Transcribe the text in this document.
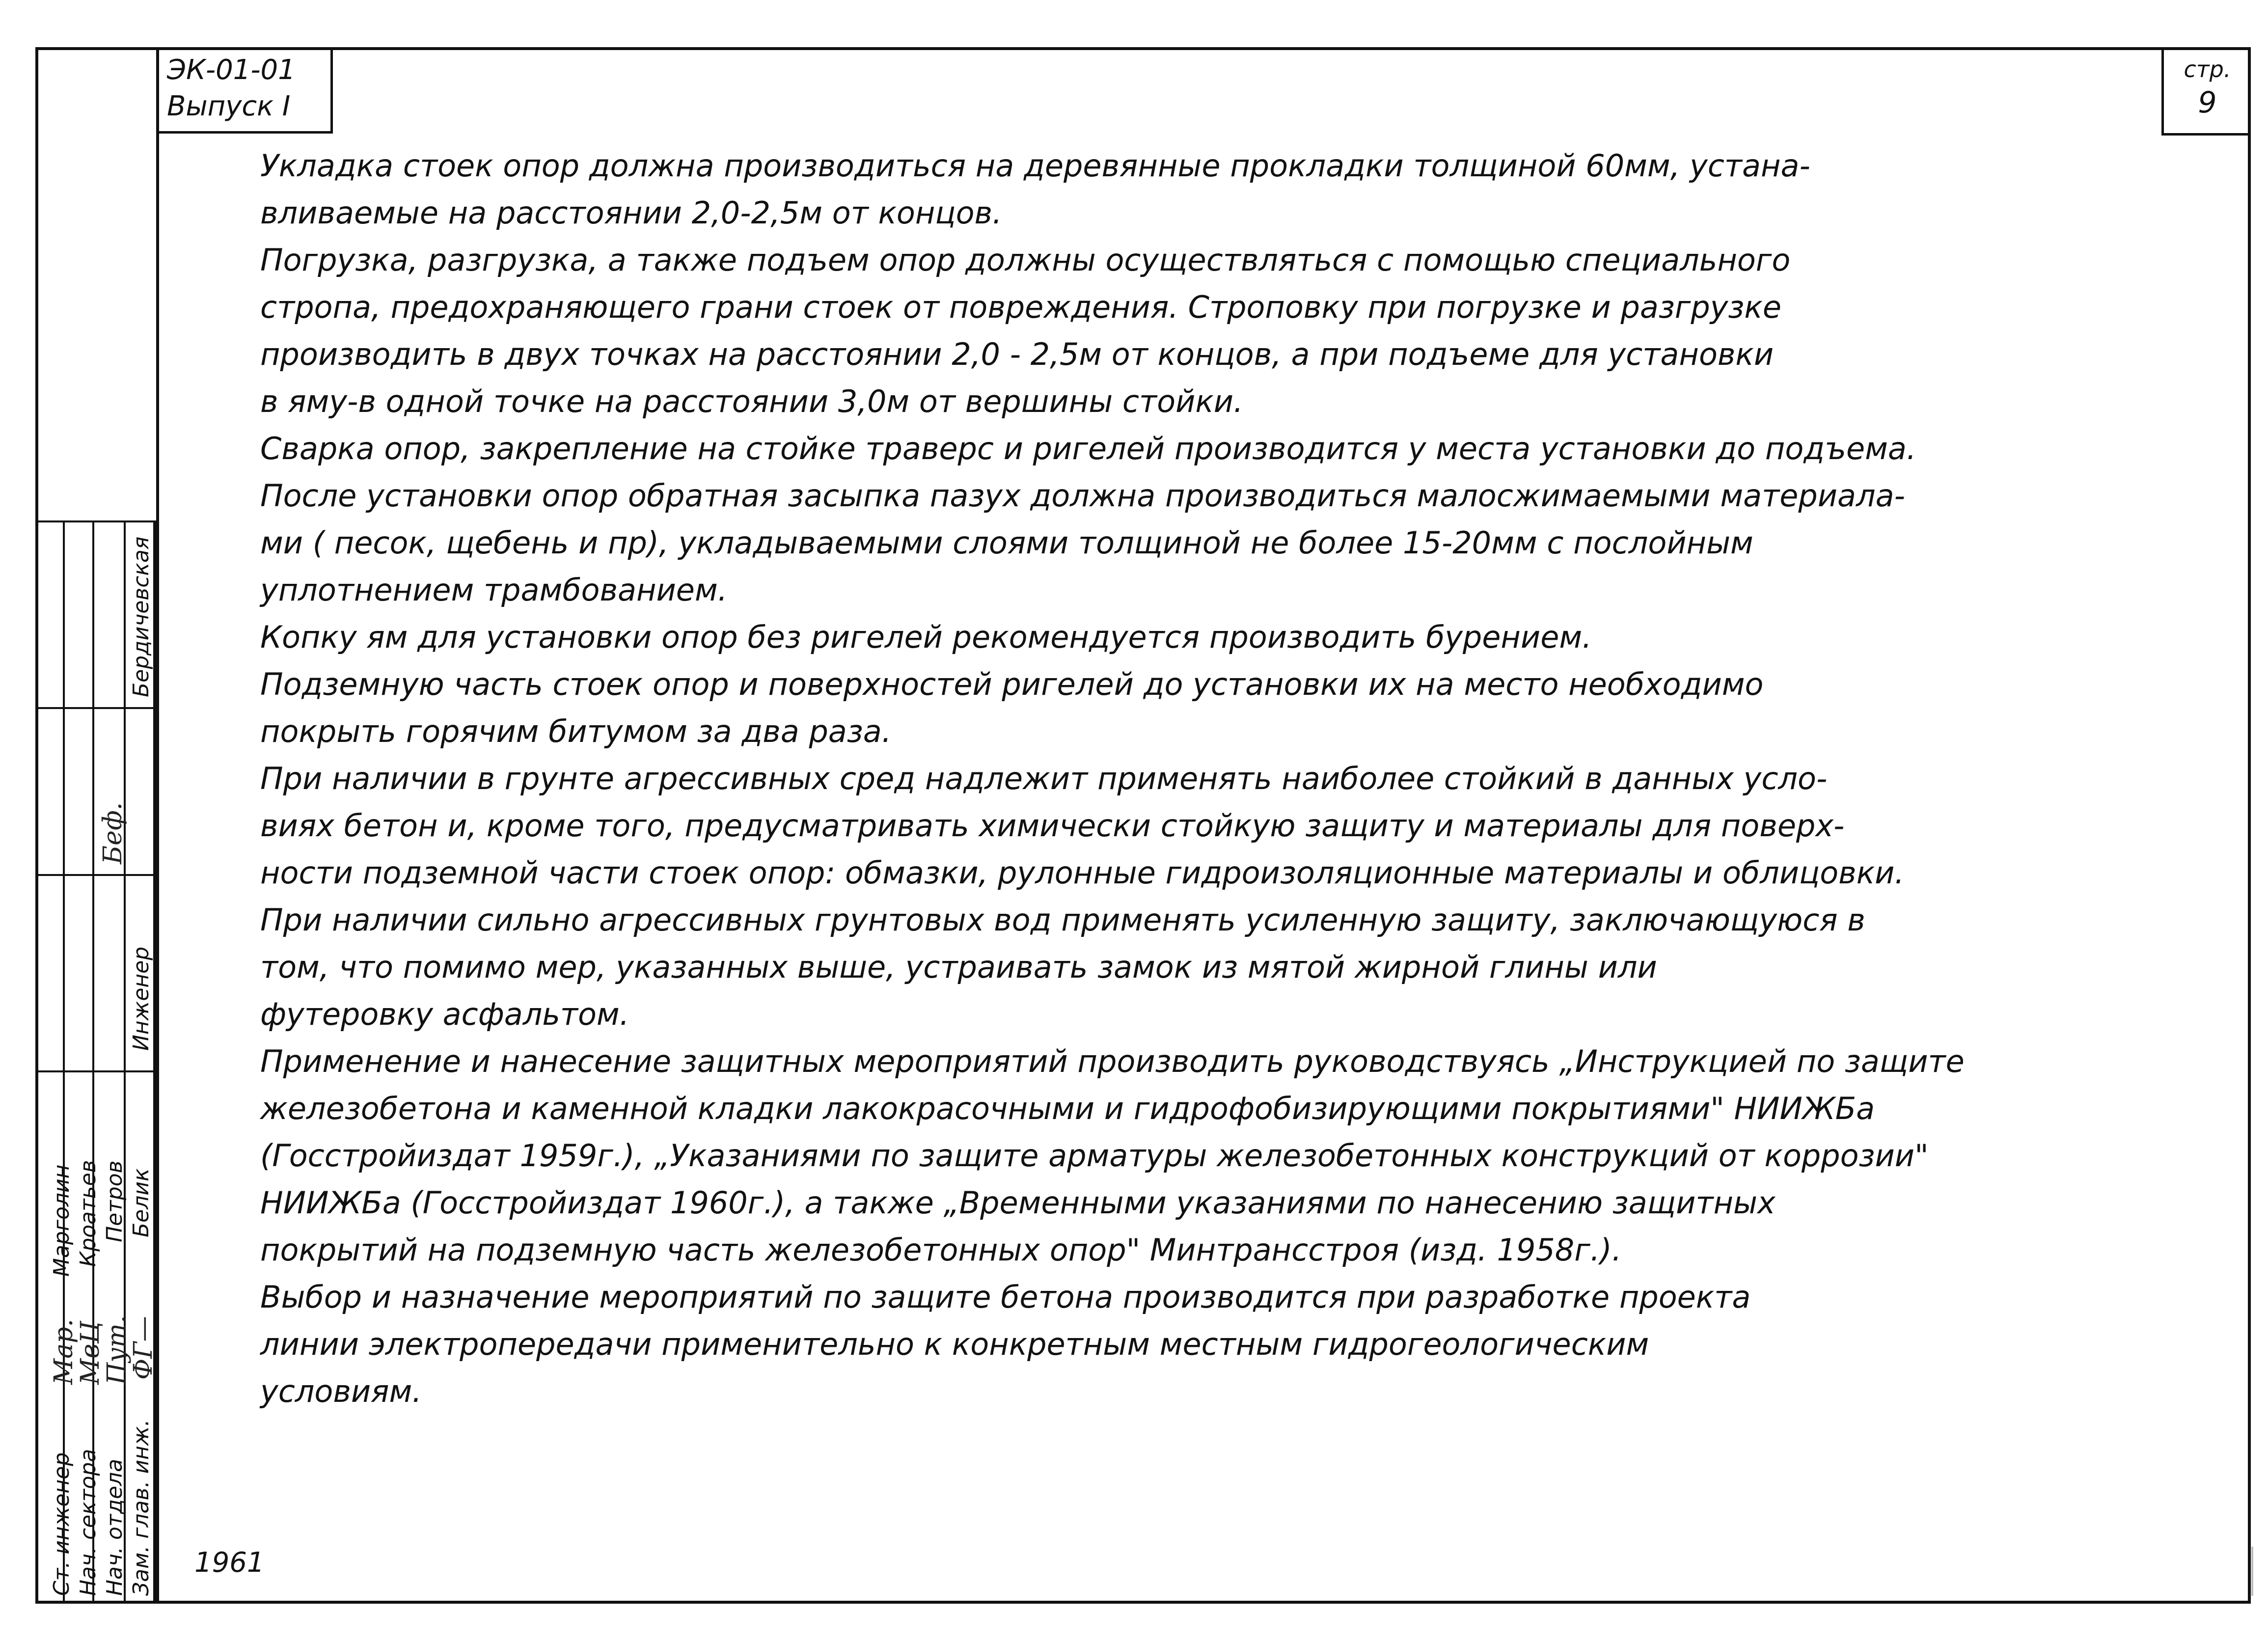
ЭК-01-01
Выпуск I
стр.
9

Укладка стоек опор должна производиться на деревянные прокладки толщиной 60мм, устана-

вливаемые на расстоянии 2,0-2,5м от концов.

Погрузка, разгрузка, а также подъем опор должны осуществляться с помощью специального

стропа, предохраняющего грани стоек от повреждения. Строповку при погрузке и разгрузке

производить в двух точках на расстоянии 2,0 - 2,5м от концов, а при подъеме для установки

в яму-в одной точке на расстоянии 3,0м от вершины стойки.

Сварка опор, закрепление на стойке траверс и ригелей производится у места установки до подъема.

После установки опор обратная засыпка пазух должна производиться малосжимаемыми материала-

ми ( песок, щебень и пр), укладываемыми слоями толщиной не более 15-20мм с послойным

уплотнением трамбованием.

Копку ям для установки опор без ригелей рекомендуется производить бурением.

Подземную часть стоек опор и поверхностей ригелей до установки их на место необходимо

покрыть горячим битумом за два раза.

При наличии в грунте агрессивных сред надлежит применять наиболее стойкий в данных усло-

виях бетон и, кроме того, предусматривать химически стойкую защиту и материалы для поверх-

ности подземной части стоек опор: обмазки, рулонные гидроизоляционные материалы и облицовки.

При наличии сильно агрессивных грунтовых вод применять усиленную защиту, заключающуюся в

том, что помимо мер, указанных выше, устраивать замок из мятой жирной глины или

футеровку асфальтом.

Применение и нанесение защитных мероприятий производить руководствуясь „Инструкцией по защите

железобетона и каменной кладки лакокрасочными и гидрофобизирующими покрытиями" НИИЖБа

(Госстройиздат 1959г.), „Указаниями по защите арматуры железобетонных конструкций от коррозии"

НИИЖБа (Госстройиздат 1960г.), а также „Временными указаниями по нанесению защитных

покрытий на подземную часть железобетонных опор" Минтрансстроя (изд. 1958г.).

Выбор и назначение мероприятий по защите бетона производится при разработке проекта

линии электропередачи применительно к конкретным местным гидрогеологическим

условиям.

Бердичевская
Беф.
Инженер
Белик
Петров
Кроатьев
Марголин
ФГ—
Пут.
МвЦ
Мар.
Зам. глав. инж.
Нач. отдела
Нач. сектора
Ст. инженер	1961
